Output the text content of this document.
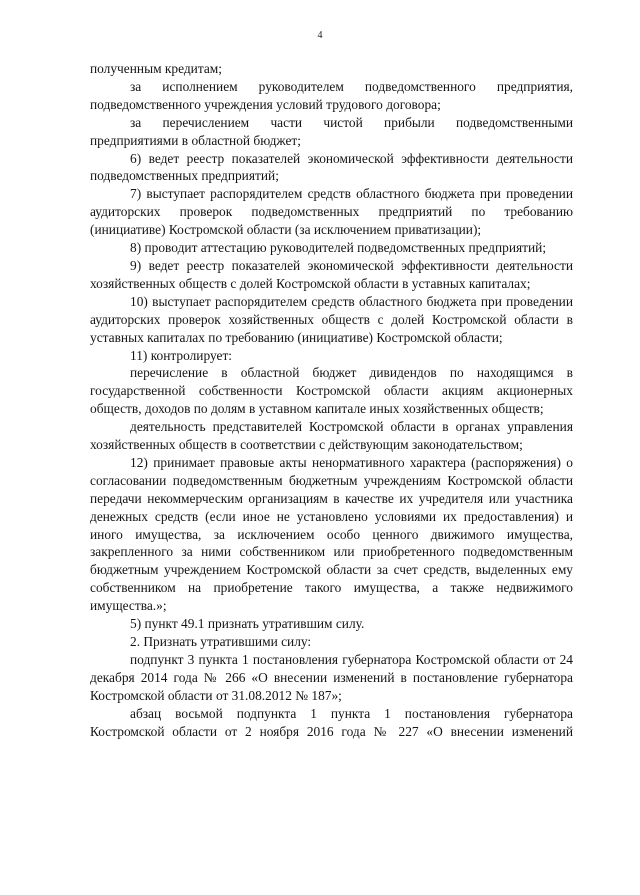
4

полученным кредитам;

за исполнением руководителем подведомственного предприятия, подведомственного учреждения условий трудового договора;

за перечислением части чистой прибыли подведомственными предприятиями в областной бюджет;

6) ведет реестр показателей экономической эффективности деятельности подведомственных предприятий;

7) выступает распорядителем средств областного бюджета при проведении аудиторских проверок подведомственных предприятий по требованию (инициативе) Костромской области (за исключением приватизации);

8) проводит аттестацию руководителей подведомственных предприятий;

9) ведет реестр показателей экономической эффективности деятельности хозяйственных обществ с долей Костромской области в уставных капиталах;

10) выступает распорядителем средств областного бюджета при проведении аудиторских проверок хозяйственных обществ с долей Костромской области в уставных капиталах по требованию (инициативе) Костромской области;

11) контролирует:

перечисление в областной бюджет дивидендов по находящимся в государственной собственности Костромской области акциям акционерных обществ, доходов по долям в уставном капитале иных хозяйственных обществ;

деятельность представителей Костромской области в органах управления хозяйственных обществ в соответствии с действующим законодательством;

12) принимает правовые акты ненормативного характера (распоряжения) о согласовании подведомственным бюджетным учреждениям Костромской области передачи некоммерческим организациям в качестве их учредителя или участника денежных средств (если иное не установлено условиями их предоставления) и иного имущества, за исключением особо ценного движимого имущества, закрепленного за ними собственником или приобретенного подведомственным бюджетным учреждением Костромской области за счет средств, выделенных ему собственником на приобретение такого имущества, а также недвижимого имущества.»;

5) пункт 49.1 признать утратившим силу.

2. Признать утратившими силу:

подпункт 3 пункта 1 постановления губернатора Костромской области от 24 декабря 2014 года № 266 «О внесении изменений в постановление губернатора Костромской области от 31.08.2012 № 187»;

абзац восьмой подпункта 1 пункта 1 постановления губернатора Костромской области от 2 ноября 2016 года № 227 «О внесении изменений
